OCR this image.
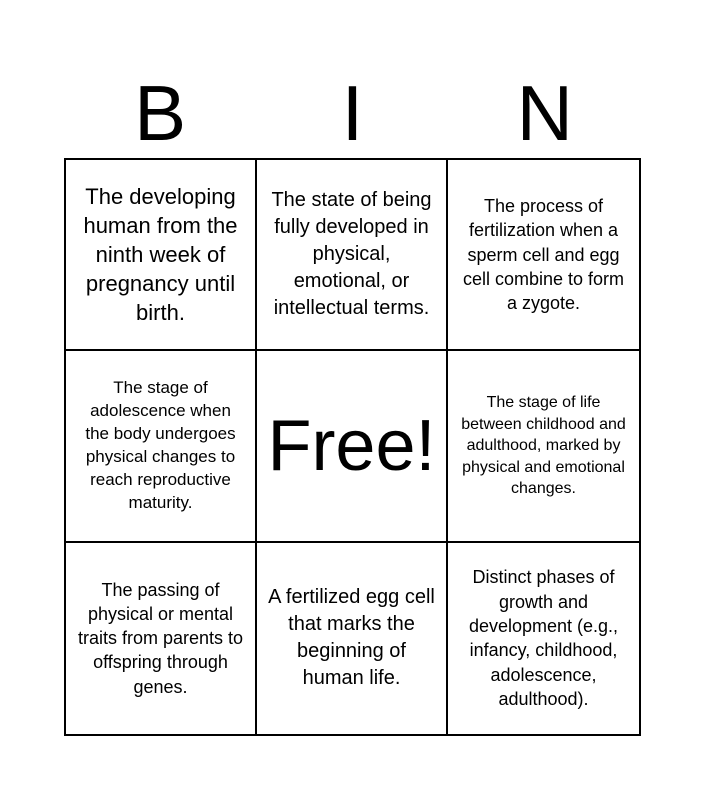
B	I	N
The developing human from the ninth week of pregnancy until birth.
The state of being fully developed in physical, emotional, or intellectual terms.
The process of fertilization when a sperm cell and egg cell combine to form a zygote.
The stage of adolescence when the body undergoes physical changes to reach reproductive maturity.
Free!
The stage of life between childhood and adulthood, marked by physical and emotional changes.
The passing of physical or mental traits from parents to offspring through genes.
A fertilized egg cell that marks the beginning of human life.
Distinct phases of growth and development (e.g., infancy, childhood, adolescence, adulthood).
